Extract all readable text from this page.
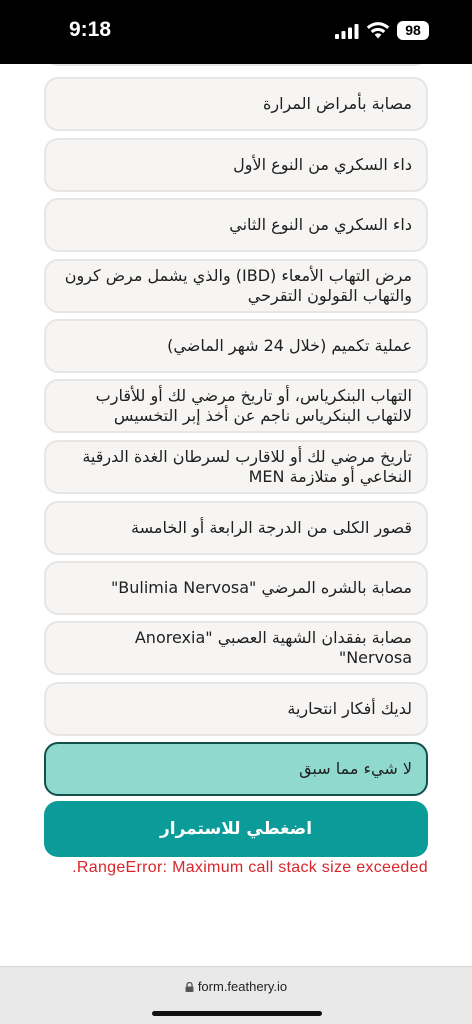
9:18	98
مصابة بأمراض المرارة
داء السكري من النوع الأول
داء السكري من النوع الثاني
مرض التهاب الأمعاء (IBD) والذي يشمل مرض كرون والتهاب القولون التقرحي
عملية تكميم (خلال 24 شهر الماضي)
التهاب البنكرياس، أو تاريخ مرضي لك أو للأقارب لالتهاب البنكرياس ناجم عن أخذ إبر التخسيس
تاريخ مرضي لك أو للاقارب لسرطان الغدة الدرقية النخاعي أو متلازمة MEN
قصور الكلى من الدرجة الرابعة أو الخامسة
مصابة بالشره المرضي "Bulimia Nervosa"
مصابة بفقدان الشهية العصبي "Anorexia Nervosa"
لديك أفكار انتحارية
لا شيء مما سبق
اضغطي للاستمرار
.RangeError: Maximum call stack size exceeded
form.feathery.io
